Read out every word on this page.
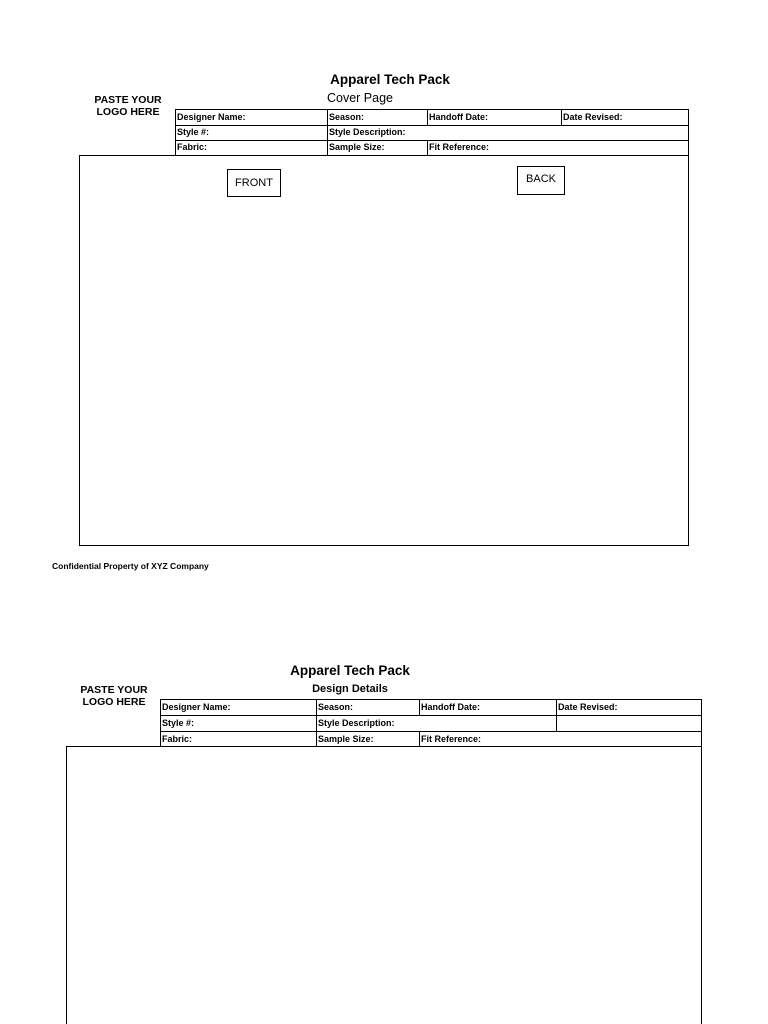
Apparel Tech Pack
Cover Page
PASTE YOUR
LOGO HERE	Designer Name:	Season:	Handoff Date:	Date Revised:
Style #:	Style Description:
Fabric:	Sample Size:	Fit Reference:
FRONT	BACK
Confidential Property of XYZ Company
Apparel Tech Pack
Design Details
PASTE YOUR
LOGO HERE	Designer Name:	Season:	Handoff Date:	Date Revised:
Style #:	Style Description:
Fabric:	Sample Size:	Fit Reference:
